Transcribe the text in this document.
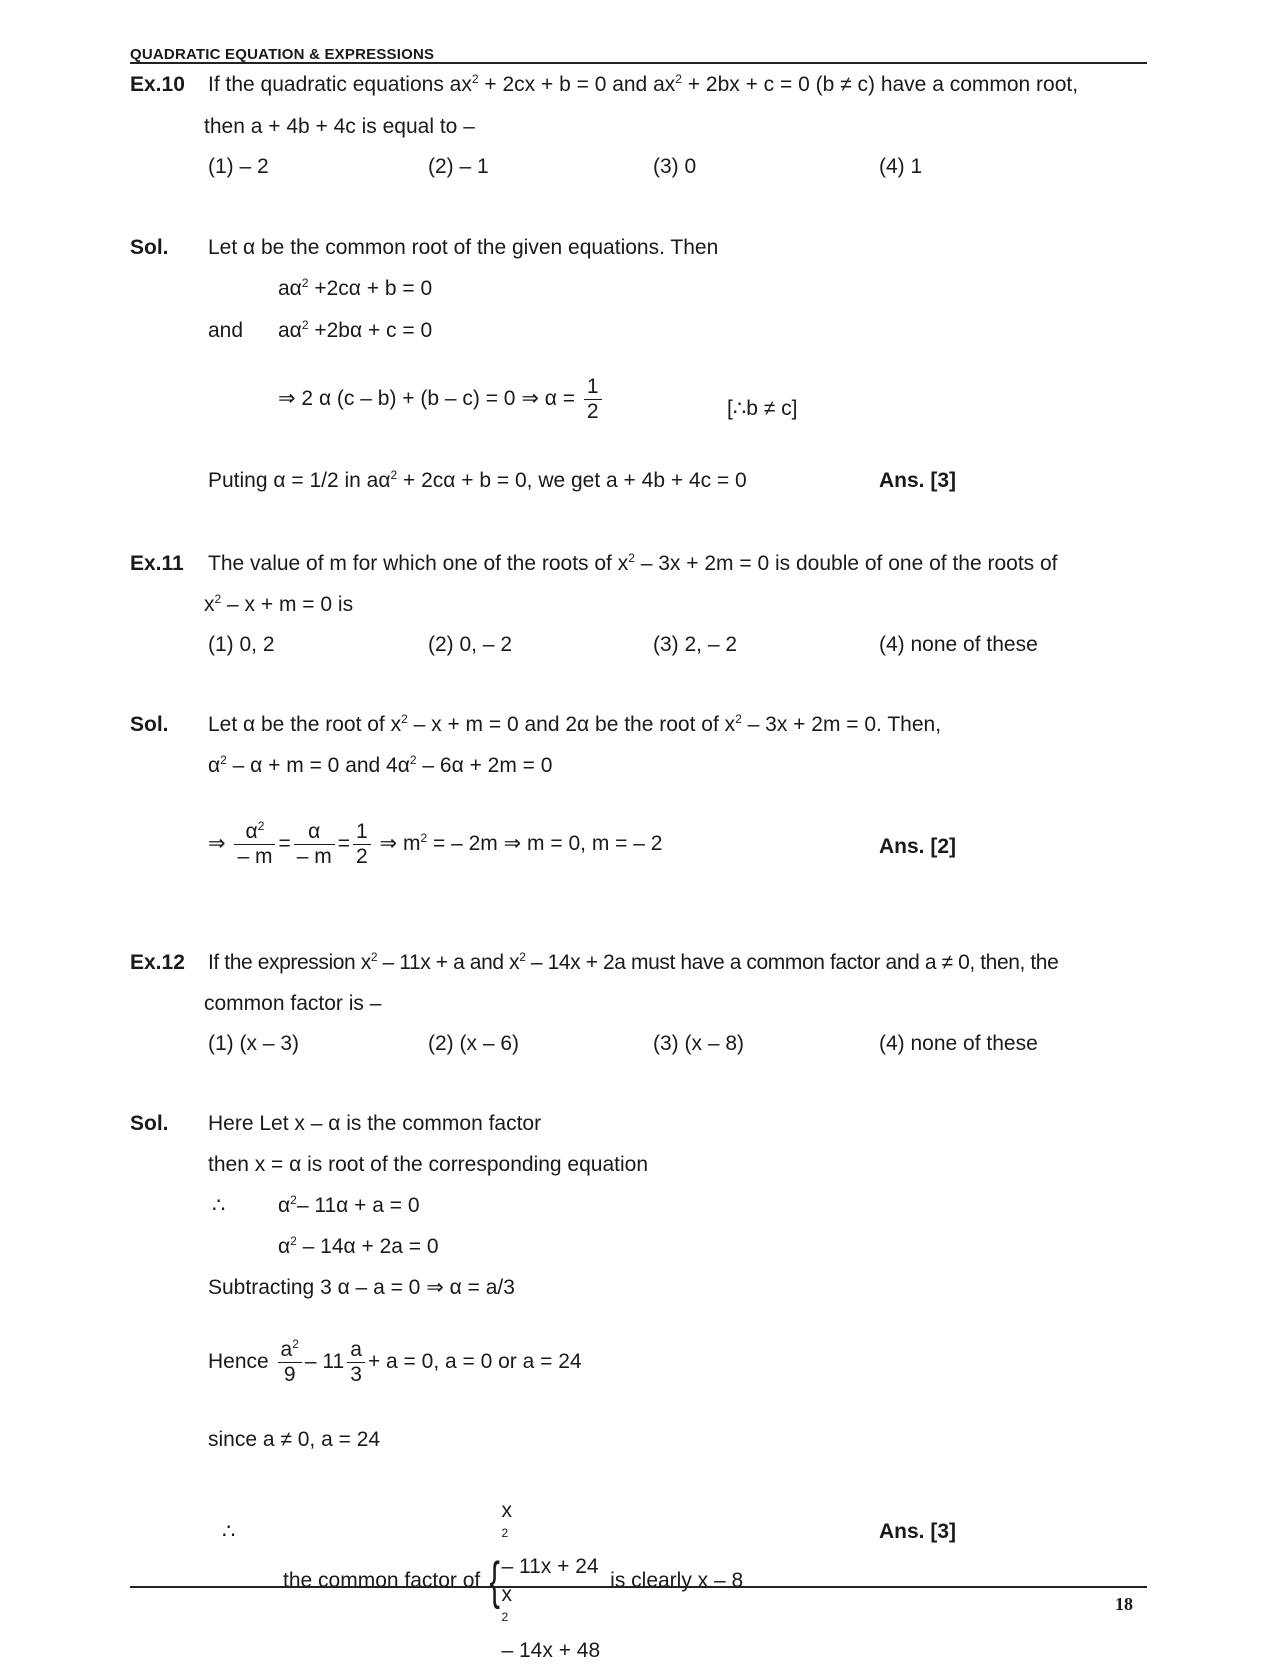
QUADRATIC EQUATION & EXPRESSIONS
Ex.10 If the quadratic equations $ax^2 + 2cx + b = 0$ and $ax^2 + 2bx + c = 0$ (b ≠ c) have a common root,
then a + 4b + 4c is equal to –
(1) – 2	(2) – 1	(3) 0	(4) 1
Sol. Let α be the common root of the given equations. Then
$a\alpha^2 +2c\alpha + b = 0$
and $a\alpha^2 +2b\alpha + c = 0$
⇒ 2 α (c – b) + (b – c) = 0 ⇒ $\alpha = \frac{1}{2}$	[∴b ≠ c]
Puting α = 1/2 in $a\alpha^2 + 2c\alpha + b = 0$, we get a + 4b + 4c = 0	Ans. [3]
Ex.11 The value of m for which one of the roots of $x^2 - 3x + 2m = 0$ is double of one of the roots of
$x^2 - x + m = 0$ is
(1) 0, 2	(2) 0, – 2	(3) 2, – 2	(4) none of these
Sol. Let α be the root of $x^2 - x + m = 0$ and 2α be the root of $x^2 - 3x + 2m = 0$. Then,
$\alpha^2 - \alpha + m = 0$ and $4\alpha^2 - 6\alpha + 2m = 0$
⇒ $\frac{\alpha^2}{- m} = \frac{\alpha}{- m} = \frac{1}{2}$ ⇒ $m^2$ = – 2m ⇒ m = 0, m = – 2	Ans. [2]
Ex.12 If the expression $x^2 - 11x + a$ and $x^2 - 14x + 2a$ must have a common factor and a ≠ 0, then, the
common factor is –
(1) (x – 3)	(2) (x – 6)	(3) (x – 8)	(4) none of these
Sol. Here Let x – α is the common factor
then x = α is root of the corresponding equation
∴	$\alpha^2-$ 11α + a = 0
$\alpha^2 - 14\alpha + 2a = 0$
Subtracting 3 α – a = 0 ⇒ α = a/3
Hence $\frac{a^2}{9} - 11 \frac{a}{3} + a = 0$, a = 0 or a = 24
since a ≠ 0, a = 24
∴
the common factor of {
x
$^2$
– 11x + 24
x
$^2$
– 14x + 48
is clearly x – 8
Ans. [3]
18
